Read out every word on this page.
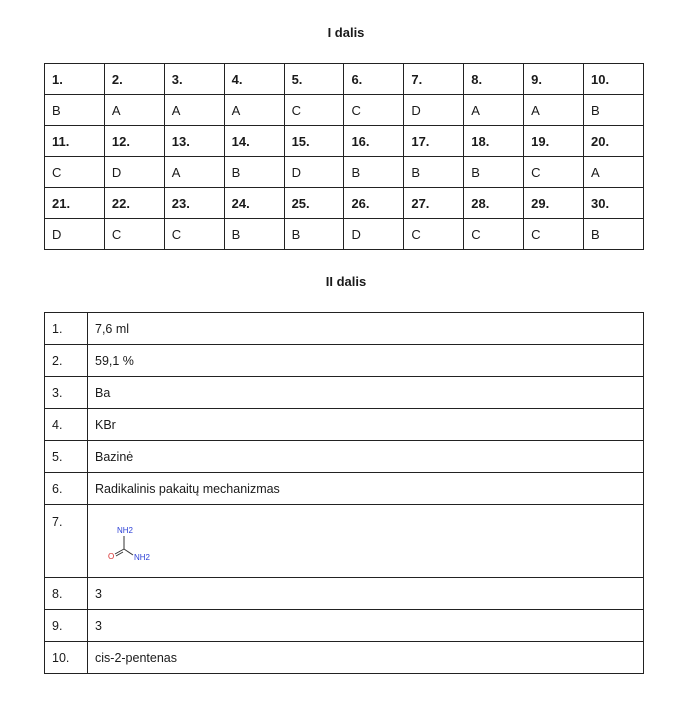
I dalis
1.	2.	3.	4.	5.	6.	7.	8.	9.	10.
B	A	A	A	C	C	D	A	A	B
11.	12.	13.	14.	15.	16.	17.	18.	19.	20.
C	D	A	B	D	B	B	B	C	A
21.	22.	23.	24.	25.	26.	27.	28.	29.	30.
D	C	C	B	B	D	C	C	C	B
II dalis
1.	7,6 ml
2.	59,1 %
3.	Ba
4.	KBr
5.	Bazinė
6.	Radikalinis pakaitų mechanizmas
7.	NH2
NH2
O

8.	3
9.	3
10.	cis-2-pentenas
